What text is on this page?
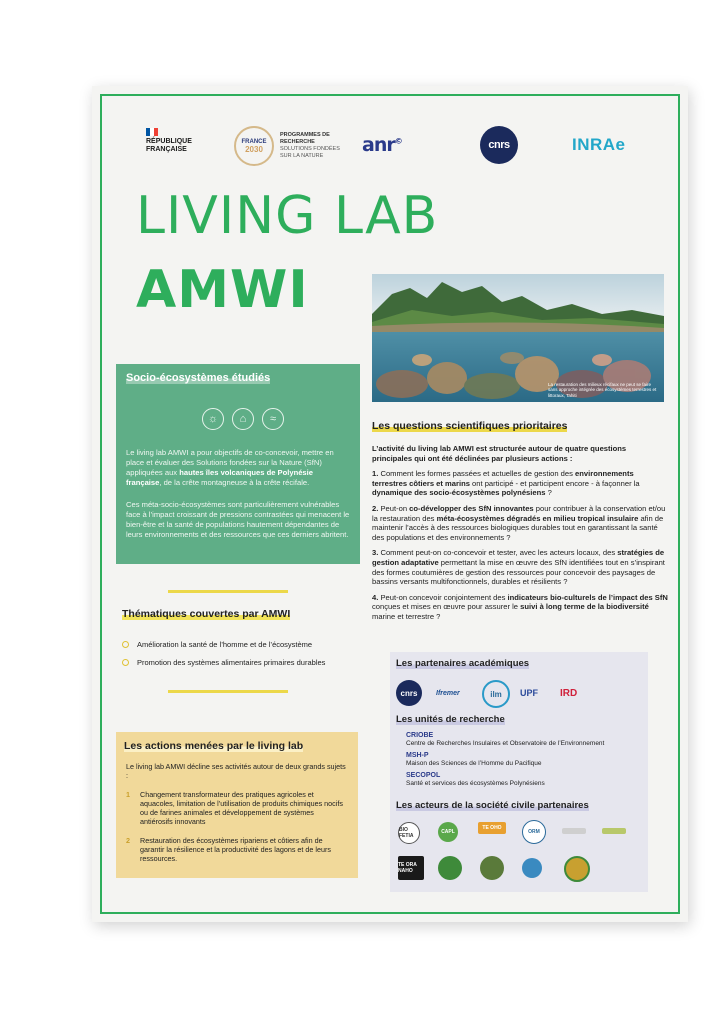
RÉPUBLIQUE
FRANÇAISE
FRANCE
2030
PROGRAMMES DE RECHERCHE
SOLUTIONS FONDÉES SUR LA NATURE	anr©	cnrs	INRAe
LIVING LAB
AMWI
La restauration des milieux récifaux ne peut se faire sans approche intégrée des écosystèmes terrestres et littoraux, Tahiti
Socio-écosystèmes étudiés
☼	⌂	≈
Le living lab AMWI a pour objectifs de co-concevoir, mettre en place et évaluer des Solutions fondées sur la Nature (SfN) appliquées aux hautes îles volcaniques de Polynésie française, de la crête montagneuse à la crête récifale.
Ces méta-socio-écosystèmes sont particulièrement vulnérables face à l’impact croissant de pressions contrastées qui menacent le bien-être et la santé de populations hautement dépendantes de leurs environnements et des ressources que ces derniers abritent.
Thématiques couvertes par AMWI
Amélioration la santé de l’homme et de l’écosystème
Promotion des systèmes alimentaires primaires durables
Les actions menées par le living lab
Le living lab AMWI décline ses activités autour de deux grands sujets :
1 Changement transformateur des pratiques agricoles et aquacoles, limitation de l’utilisation de produits chimiques nocifs ou de farines animales et développement de systèmes antiérosifs innovants
2 Restauration des écosystèmes ripariens et côtiers afin de garantir la résilience et la productivité des lagons et de leurs ressources.
Les questions scientifiques prioritaires

L’activité du living lab AMWI est structurée autour de quatre questions principales qui ont été déclinées par plusieurs actions :

1. Comment les formes passées et actuelles de gestion des environnements terrestres côtiers et marins ont participé - et participent encore - à façonner la dynamique des socio-écosystèmes polynésiens ?

2. Peut-on co-développer des SfN innovantes pour contribuer à la conservation et/ou la restauration des méta-écosystèmes dégradés en milieu tropical insulaire afin de maintenir l’accès à des ressources biologiques durables tout en garantissant la santé des populations et des environnements ?

3. Comment peut-on co-concevoir et tester, avec les acteurs locaux, des stratégies de gestion adaptative permettant la mise en œuvre des SfN identifiées tout en s’inspirant des formes coutumières de gestion des ressources pour concevoir des paysages de bassins versants multifonctionnels, durables et résilients ?

4. Peut-on concevoir conjointement des indicateurs bio-culturels de l’impact des SfN conçues et mises en œuvre pour assurer le suivi à long terme de la biodiversité marine et terrestre ?

Les partenaires académiques
cnrs	Ifremer	ilm UPF IRD
Les unités de recherche
CRIOBE
Centre de Recherches Insulaires et Observatoire de l’Environnement
MSH-P
Maison des Sciences de l’Homme du Pacifique
SECOPOL
Santé et services des écosystèmes Polynésiens
Les acteurs de la société civile partenaires
BIO FETIA
CAPL
TE OHO
ORM
TE ORA NAHO
